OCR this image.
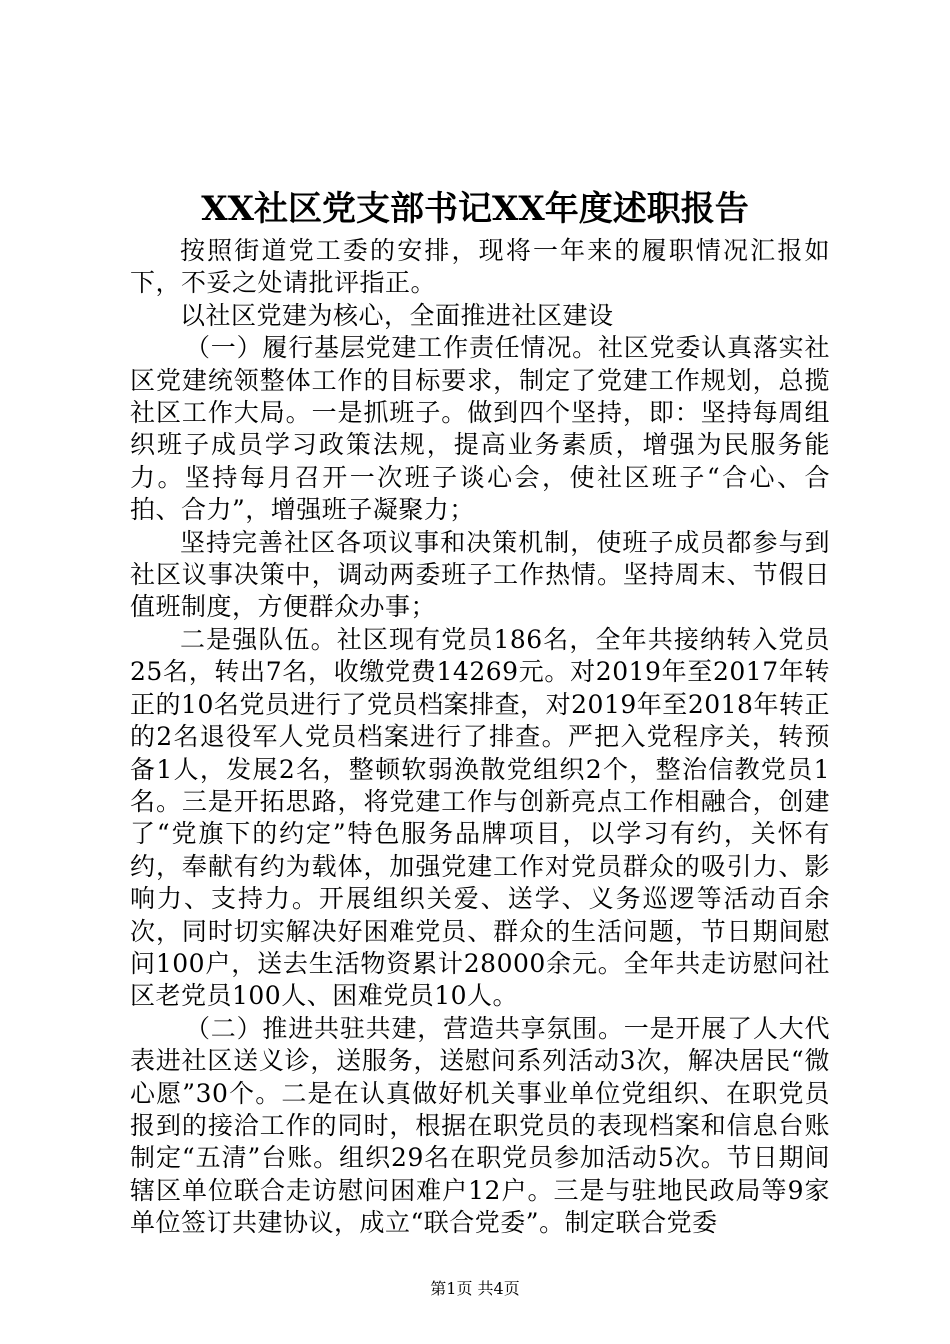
XX社区党支部书记XX年度述职报告

按照街道党工委的安排，现将一年来的履职情况汇报如下，不妥之处请批评指正。

以社区党建为核心，全面推进社区建设

（一）履行基层党建工作责任情况。社区党委认真落实社区党建统领整体工作的目标要求，制定了党建工作规划，总揽社区工作大局。一是抓班子。做到四个坚持，即：坚持每周组织班子成员学习政策法规，提高业务素质，增强为民服务能力。坚持每月召开一次班子谈心会，使社区班子“合心、合拍、合力”，增强班子凝聚力；

坚持完善社区各项议事和决策机制，使班子成员都参与到社区议事决策中，调动两委班子工作热情。坚持周末、节假日值班制度，方便群众办事；

二是强队伍。社区现有党员186名，全年共接纳转入党员25名，转出7名，收缴党费14269元。对2019年至2017年转正的10名党员进行了党员档案排查，对2019年至2018年转正的2名退役军人党员档案进行了排查。严把入党程序关，转预备1人，发展2名，整顿软弱涣散党组织2个，整治信教党员1名。三是开拓思路，将党建工作与创新亮点工作相融合，创建了“党旗下的约定”特色服务品牌项目，以学习有约，关怀有约，奉献有约为载体，加强党建工作对党员群众的吸引力、影响力、支持力。开展组织关爱、送学、义务巡逻等活动百余次，同时切实解决好困难党员、群众的生活问题，节日期间慰问100户，送去生活物资累计28000余元。全年共走访慰问社区老党员100人、困难党员10人。

（二）推进共驻共建，营造共享氛围。一是开展了人大代表进社区送义诊，送服务，送慰问系列活动3次，解决居民“微心愿”30个。二是在认真做好机关事业单位党组织、在职党员报到的接洽工作的同时，根据在职党员的表现档案和信息台账制定“五清”台账。组织29名在职党员参加活动5次。节日期间辖区单位联合走访慰问困难户12户。三是与驻地民政局等9家单位签订共建协议，成立“联合党委”。制定联合党委

第1页 共4页
